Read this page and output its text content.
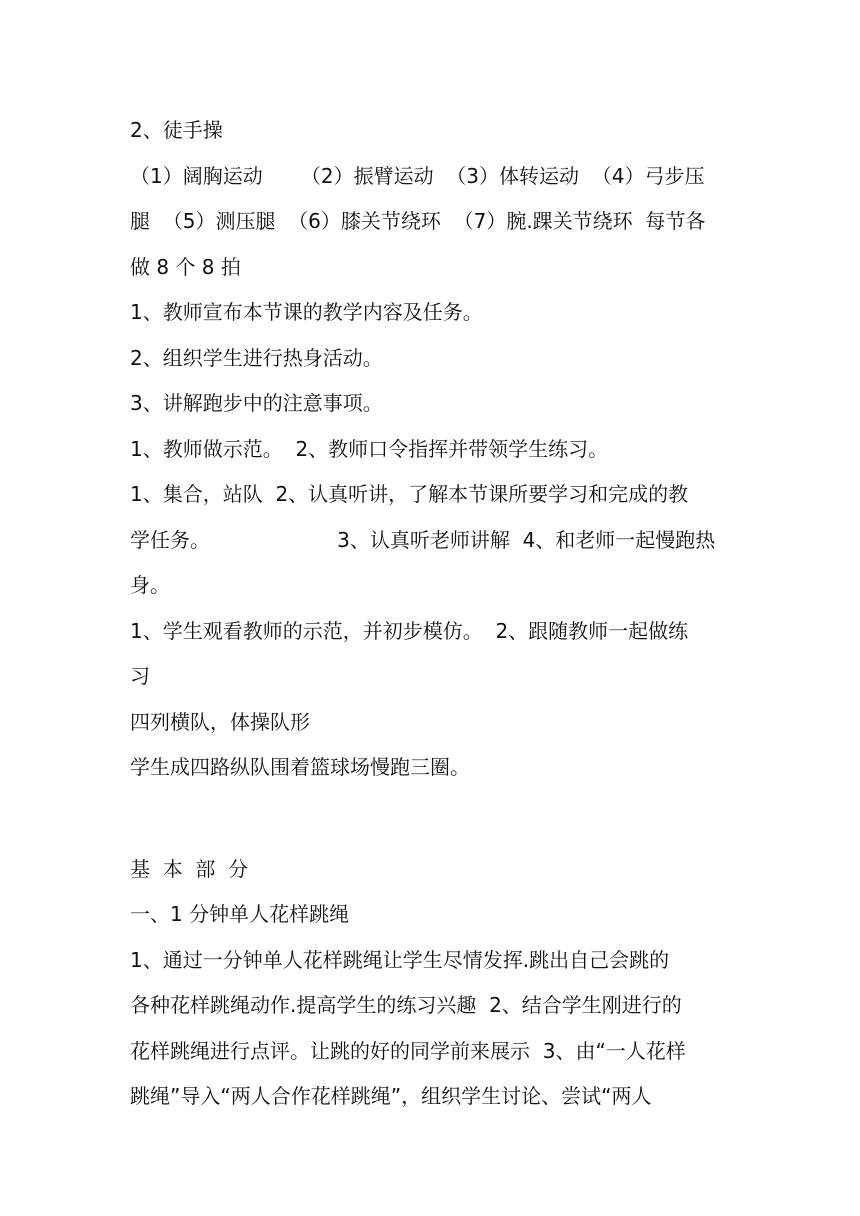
2、徒手操
（1）阔胸运动      （2）振臂运动  （3）体转运动  （4）弓步压
腿  （5）测压腿  （6）膝关节绕环  （7）腕.踝关节绕环  每节各
做 8 个 8 拍
1、教师宣布本节课的教学内容及任务。
2、组织学生进行热身活动。
3、讲解跑步中的注意事项。
1、教师做示范。  2、教师口令指挥并带领学生练习。
1、集合，站队  2、认真听讲，了解本节课所要学习和完成的教
学任务。                    3、认真听老师讲解  4、和老师一起慢跑热
身。
1、学生观看教师的示范，并初步模仿。  2、跟随教师一起做练
习
四列横队，体操队形
学生成四路纵队围着篮球场慢跑三圈。
基  本  部  分
一、1 分钟单人花样跳绳
1、通过一分钟单人花样跳绳让学生尽情发挥.跳出自己会跳的
各种花样跳绳动作.提高学生的练习兴趣  2、结合学生刚进行的
花样跳绳进行点评。让跳的好的同学前来展示  3、由“一人花样
跳绳”导入“两人合作花样跳绳”，组织学生讨论、尝试“两人
